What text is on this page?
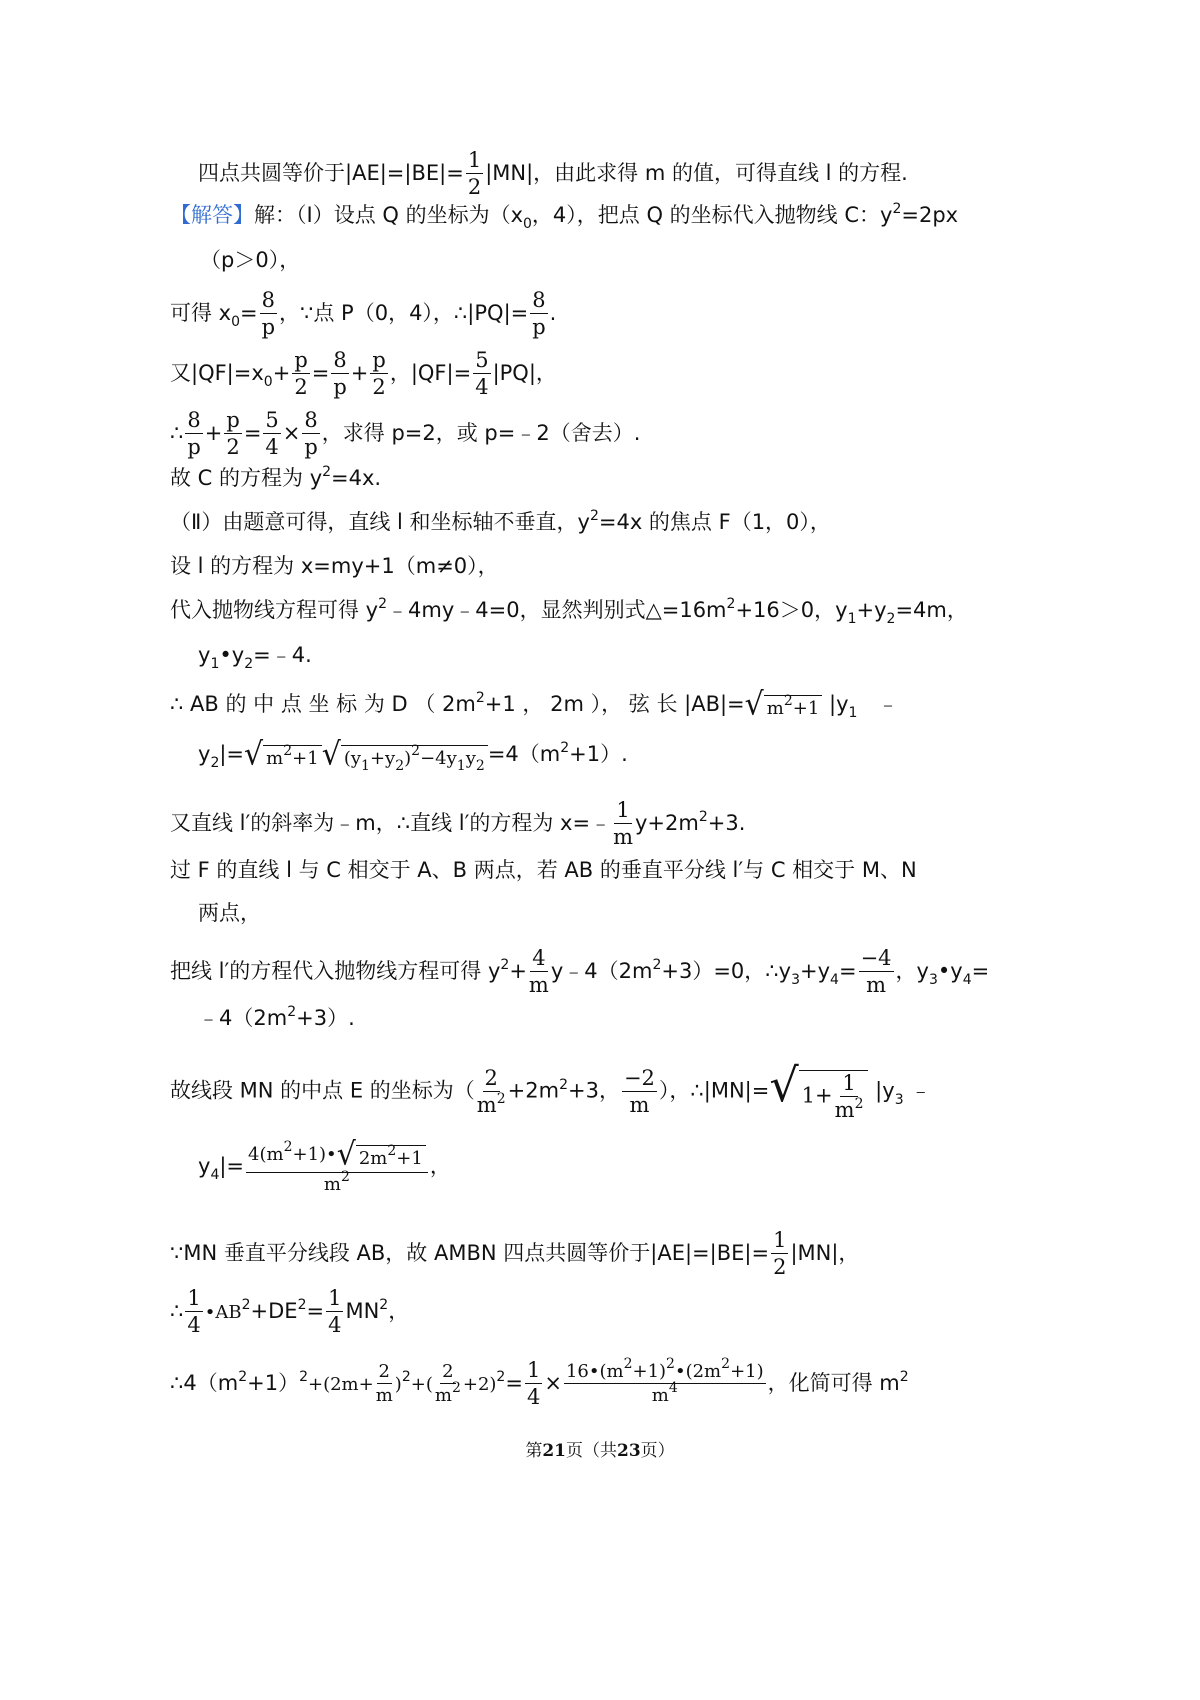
四点共圆等价于$|AE|=|BE|= \frac{1}{2} |MN|$，由此求得 m 的值，可得直线 l 的方程.
【解答】解：（Ⅰ）设点 Q 的坐标为（$x_0$，4），把点 Q 的坐标代入抛物线 C：$y^2=2px$
（p＞0），
可得 $x_0= \frac{8}{p}$ ，∵点 P（0，4），∴|PQ|= $\frac{8}{p}$ .
又$|QF|=x_0+ \frac{p}{2} = \frac{8}{p} + \frac{p}{2}$ ，$|QF|= \frac{5}{4} |PQ|$，
∴ $\frac{8}{p} + \frac{p}{2} = \frac{5}{4} \times \frac{8}{p}$ ，求得 p=2，或 p=﹣2（舍去）.
故 C 的方程为 $y^2=4x$.
（Ⅱ）由题意可得，直线 l 和坐标轴不垂直，$y^2=4x$ 的焦点 F（1，0），
设 l 的方程为 x=my+1（m≠0），
代入抛物线方程可得 $y^2﹣4my﹣4=0$，显然判别式$\triangle=16m^2+16>0$，$y_1+y_2=4m$，
$y_1•y_2=﹣4$.
∴ AB 的 中 点 坐 标 为 D （ $2m^2+1$ ， 2m ）， 弦 长 |AB|= √ $m^2+1$ $|y_1$ ﹣
$y_2|=$ √ $m^2+1$ √ $(y_1+y_2)^2-4y_1y_2 =4(m^2+1)$.
又直线 l′的斜率为﹣m，∴直线 l′的方程为 x=﹣ $\frac{1}{m} y+2m^2+3$.
过 F 的直线 l 与 C 相交于 A、B 两点，若 AB 的垂直平分线 l′与 C 相交于 M、N
两点，
把线 l′的方程代入抛物线方程可得 $y^2+ \frac{4}{m}$ $y﹣4(2m^2+3)=0$，$\therefore y_3+y_4= \frac{-4}{m}$ ，$y_3•y_4=$
$﹣4(2m^2+3)$.
故线段 MN 的中点 E 的坐标为（ $\frac{2}{m^2} +2m^2+3$， $\frac{-2}{m}$ ），∴|MN|= √ $1+ \frac{1}{m^2} |y_3$ ﹣
$y_4|= \frac{4(m^2+1)• √ 2m^2+1}{m^2}$ ，
∵MN 垂直平分线段 AB，故 AMBN 四点共圆等价于$|AE|=|BE|= \frac{1}{2} |MN|$，
∴ $\frac{1}{4}$ $•AB^2+DE^2= \frac{1}{4} MN^2$，
$\therefore 4(m^2+1)^2+(2m+ \frac{2}{m} )^2+( \frac{2}{m^2} +2)^2= \frac{1}{4} \times \frac{16•(m^2+1)^2•(2m^2+1)}{m^4}$ ，化简可得 $m^2$
第21页（共23页）
